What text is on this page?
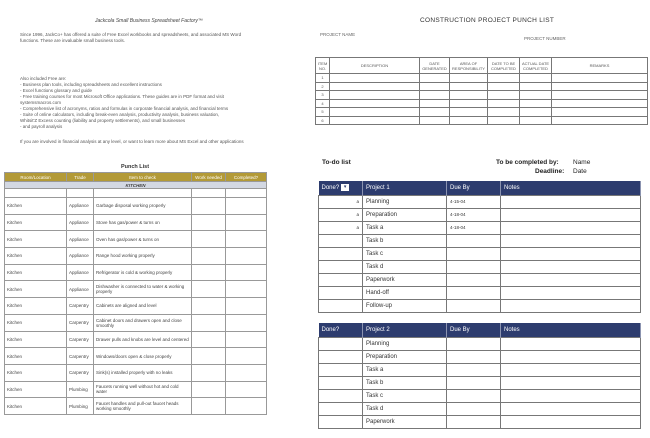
Jackcola Small Business Spreadsheet Factory™
Since 1996, JackCo+ has offered a suite of Free Excel workbooks and spreadsheets, and associated MS Word
functions. These are invaluable small business tools.
Also included Free are:
- Business plan tools, including spreadsheets and excellent instructions
- Excel functions glossary and guide
- Free training courses for most Microsoft Office applications. These guides are in PDF format and visit
systemsmacros.com
- Comprehensive list of acronyms, ratios and formulas in corporate financial analysis, and financial terms
- Suite of online calculators, including break-even analysis, productivity analysis, business valuation,
Whitsit'Z Excess counting (liability and property settlements), and small businesses
- and payroll analysis
If you are involved in financial analysis at any level, or want to learn more about MS Excel and other applications
Punch List
Room/Location	Trade	Item to check	Work needed	Completed?
KITCHEN				

Kitchen	Appliance	Garbage disposal working properly		
Kitchen	Appliance	Stove has gas/power & turns on		
Kitchen	Appliance	Oven has gas/power & turns on		
Kitchen	Appliance	Range hood working properly		
Kitchen	Appliance	Refrigerator is cold & working properly		
Kitchen	Appliance	Dishwasher is connected to water & working properly		
Kitchen	Carpentry	Cabinets are aligned and level		
Kitchen	Carpentry	Cabinet doors and drawers open and close smoothly		
Kitchen	Carpentry	Drawer pulls and knobs are level and centered		
Kitchen	Carpentry	Windows/doors open & close properly		
Kitchen	Carpentry	Sink(s) installed properly with no leaks		
Kitchen	Plumbing	Faucets running well without hot and cold water		
Kitchen	Plumbing	Faucet handles and pull-out faucet heads working smoothly		
CONSTRUCTION PROJECT PUNCH LIST
PROJECT NAME
PROJECT NUMBER
ITEM NO.	DESCRIPTION	DATE GENERATED	AREA OF RESPONSIBILITY	DATE TO BE COMPLETED	ACTUAL DATE COMPLETED	REMARKS
1						
2						
3						
4						
5						
6						
To-do list	To be completed by: Name
Deadline: Date
Done? ▾	Project 1	Due By	Notes
a	Planning	4-15-04	
a	Preparation	4-18-04	
a	Task a	4-18-04	
	Task b		
	Task c		
	Task d		
	Paperwork		
	Hand-off		
	Follow-up		
Done?	Project 2	Due By	Notes
	Planning		
	Preparation		
	Task a		
	Task b		
	Task c		
	Task d		
	Paperwork		
